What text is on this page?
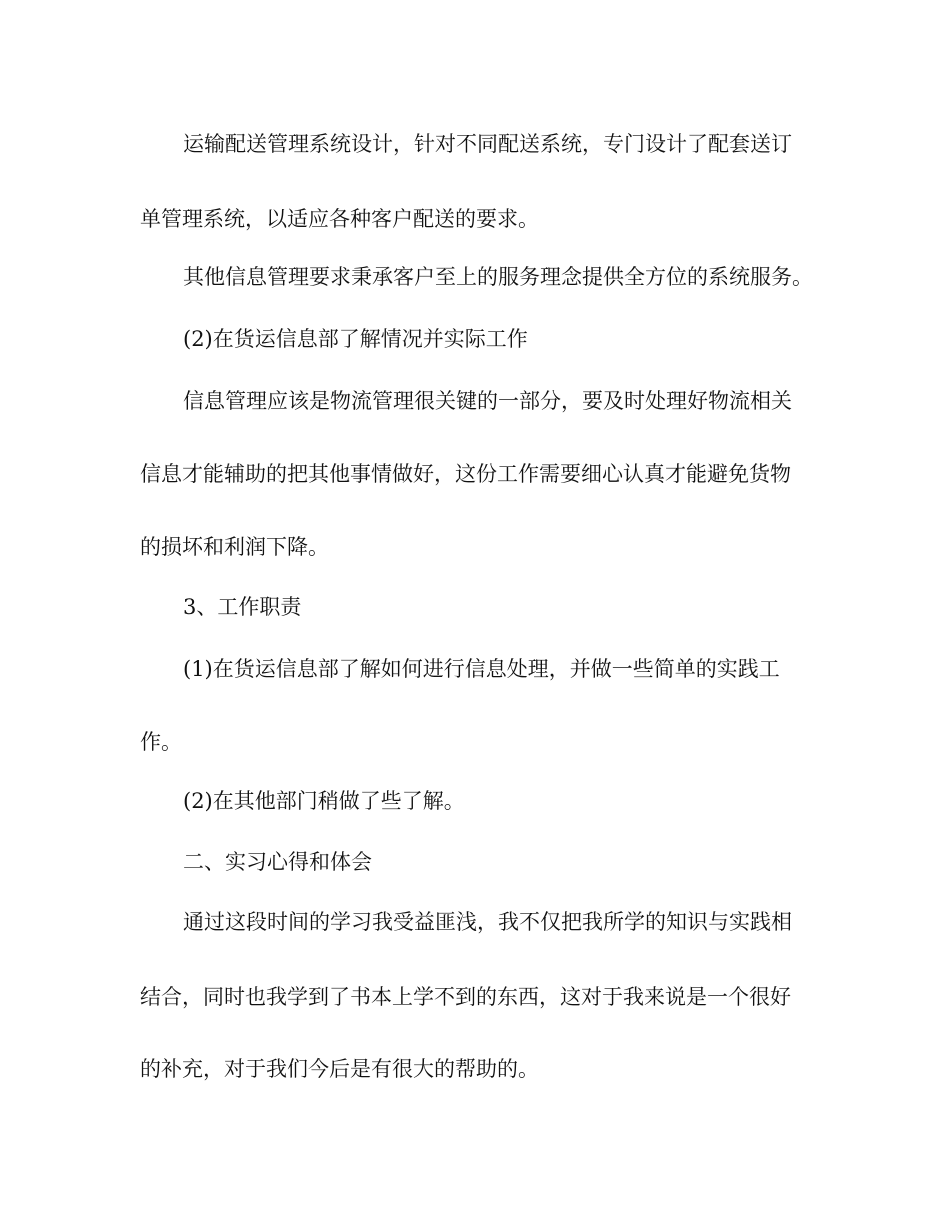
运输配送管理系统设计，针对不同配送系统，专门设计了配套送订
单管理系统，以适应各种客户配送的要求。
其他信息管理要求秉承客户至上的服务理念提供全方位的系统服务。
(2)在货运信息部了解情况并实际工作
信息管理应该是物流管理很关键的一部分，要及时处理好物流相关
信息才能辅助的把其他事情做好，这份工作需要细心认真才能避免货物
的损坏和利润下降。
3、工作职责
(1)在货运信息部了解如何进行信息处理，并做一些简单的实践工
作。
(2)在其他部门稍做了些了解。
二、实习心得和体会
通过这段时间的学习我受益匪浅，我不仅把我所学的知识与实践相
结合，同时也我学到了书本上学不到的东西，这对于我来说是一个很好
的补充，对于我们今后是有很大的帮助的。
